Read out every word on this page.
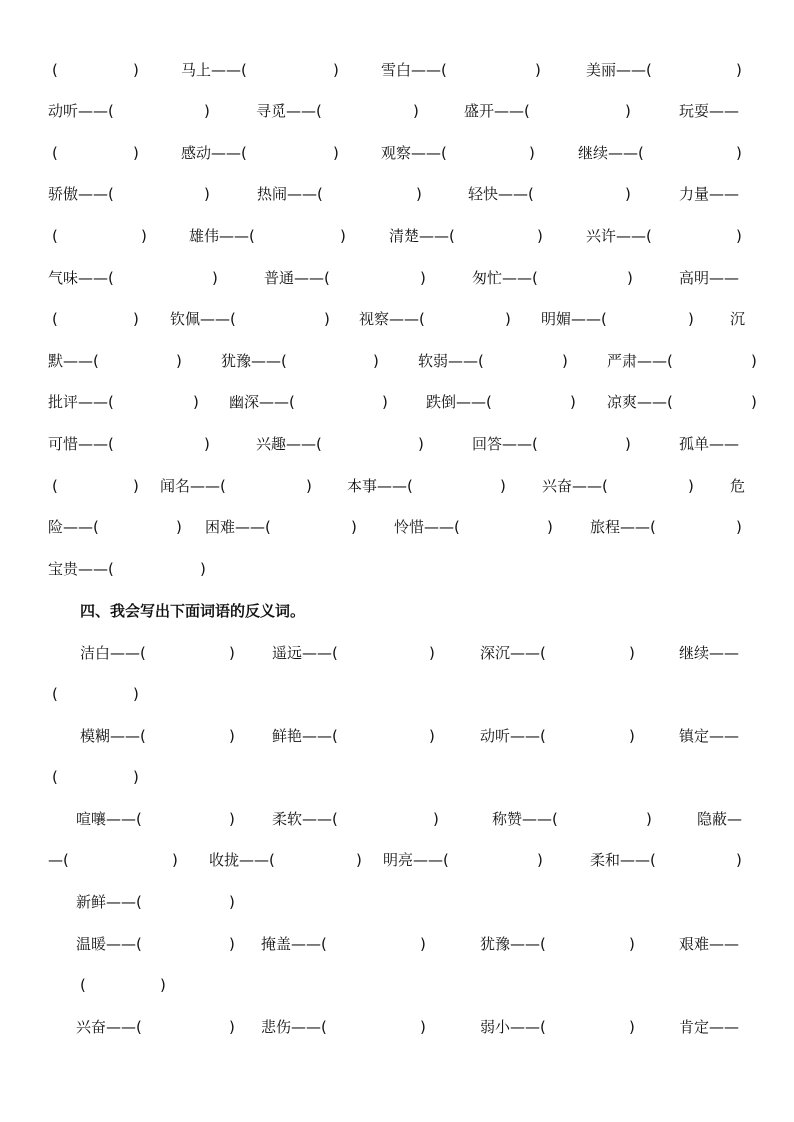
(	)	马上——(	)	雪白——(	)	美丽——(	)
动听——(	)	寻觅——(	)	盛开——(	)	玩耍——
(	)	感动——(	)	观察——(	)	继续——(	)
骄傲——(	)	热闹——(	)	轻快——(	)	力量——
(	)	雄伟——(	)	清楚——(	)	兴许——(	)
气味——(	)	普通——(	)	匆忙——(	)	高明——
(	) 钦佩——(	) 视察——(	) 明媚——(	) 沉
默——(	)	犹豫——(	)	软弱——(	)	严肃——(	)
批评——(	) 幽深——(	)	跌倒——(	) 凉爽——(	)
可惜——(	)	兴趣——(	)	回答——(	)	孤单——
(	) 闻名——(	) 本事——(	) 兴奋——(	) 危
险——(	) 困难——(	) 怜惜——(	) 旅程——(	)
宝贵——(	)
四、我会写出下面词语的反义词。
洁白——(	) 遥远——(	)	深沉——(	)	继续——
(	)
模糊——(	) 鲜艳——(	)	动听——(	)	镇定——
(	)
喧嚷——(	) 柔软——(	)	称赞——(	)	隐蔽—
—(	) 收拢——(	) 明亮——(	)	柔和——(	)
新鲜——(	)
温暖——(	) 掩盖——(	)	犹豫——(	)	艰难——
(	)
兴奋——(	) 悲伤——(	)	弱小——(	)	肯定——
